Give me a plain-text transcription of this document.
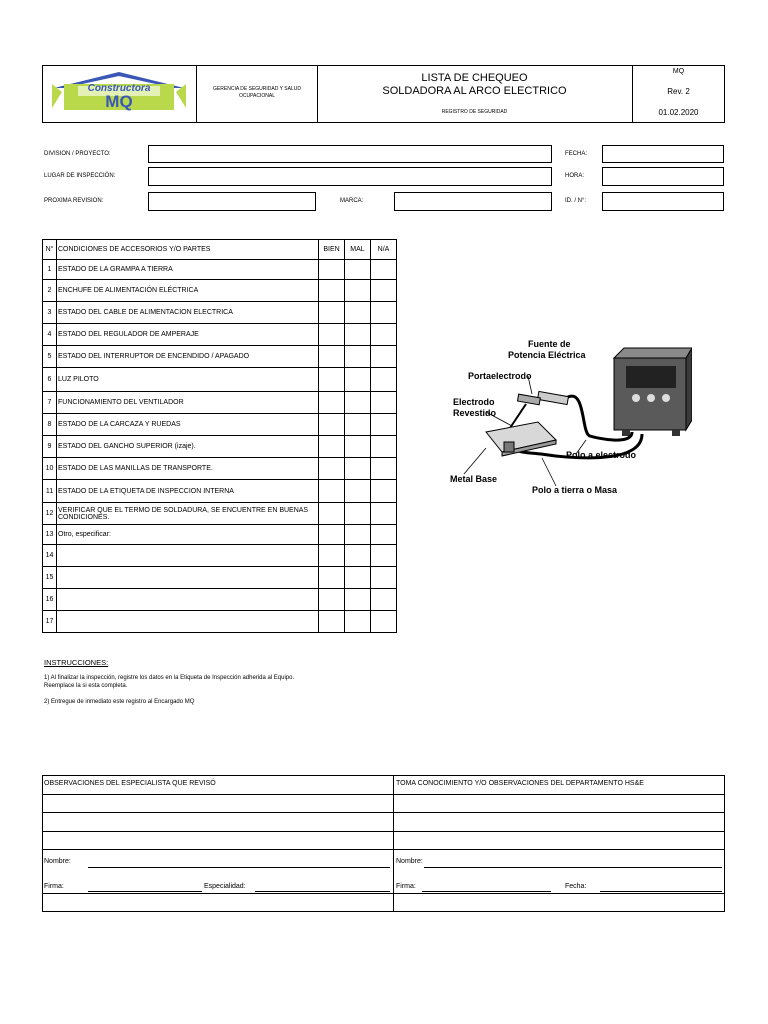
Constructora
MQ
GERENCIA DE SEGURIDAD Y SALUD OCUPACIONAL
LISTA DE CHEQUEO
SOLDADORA AL ARCO ELECTRICO
REGISTRO DE SEGURIDAD
MQ
Rev. 2
01.02.2020
DIVISION / PROYECTO:	FECHA:
LUGAR DE INSPECCIÓN:	HORA:
PROXIMA REVISION:	MARCA:	ID. / N°:
N°	CONDICIONES DE ACCESORIOS Y/O PARTES	BIEN	MAL	N/A
1	ESTADO DE LA GRAMPA A TIERRA			
2	ENCHUFE DE ALIMENTACIÓN ELÉCTRICA			
3	ESTADO DEL CABLE DE ALIMENTACION ELECTRICA			
4	ESTADO DEL REGULADOR DE AMPERAJE			
5	ESTADO DEL INTERRUPTOR DE ENCENDIDO / APAGADO			
6	LUZ PILOTO			
7	FUNCIONAMIENTO DEL VENTILADOR			
8	ESTADO DE LA CARCAZA Y RUEDAS			
9	ESTADO DEL GANCHO SUPERIOR (izaje).			
10	ESTADO DE LAS MANILLAS DE TRANSPORTE.			
11	ESTADO DE LA ETIQUETA DE INSPECCION INTERNA			
12	VERIFICAR QUE EL TERMO DE SOLDADURA, SE ENCUENTRE EN BUENAS CONDICIONES.			
13	Otro, especificar:			
14				
15				
16				
17				
Fuente de
Potencia Eléctrica
Portaelectrodo
Electrodo
Revestido
Polo a electrodo
Metal Base
Polo a tierra o Masa
INSTRUCCIONES:
1) Al finalizar la inspección, registre los datos en la Etiqueta de Inspección adherida al Equipo.
Reemplace la si esta completa.
2) Entregue de inmediato este registro al Encargado MQ
OBSERVACIONES DEL ESPECIALISTA QUE REVISÓ	TOMA CONOCIMIENTO Y/O OBSERVACIONES DEL DEPARTAMENTO HS&E
Nombre:
Firma:	Especialidad:
Nombre:
Firma:	Fecha:
